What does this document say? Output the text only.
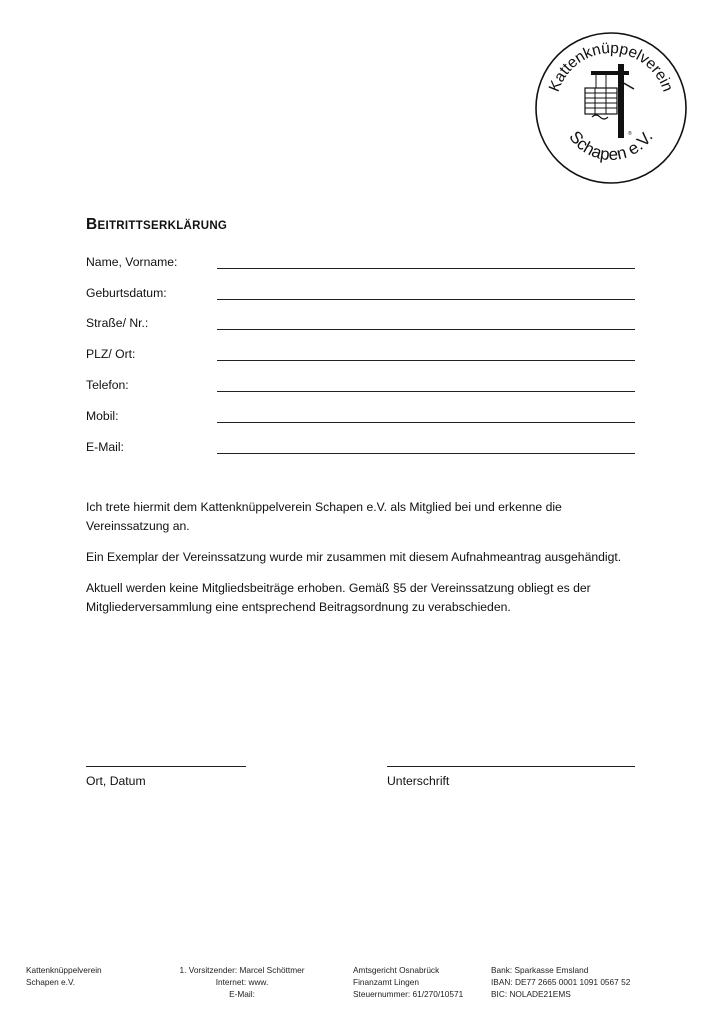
Kattenknüppelverein
Schapen e.V.
®
BEITRITTSERKLÄRUNG
Name, Vorname:
Geburtsdatum:
Straße/ Nr.:
PLZ/ Ort:
Telefon:
Mobil:
E-Mail:

Ich trete hiermit dem Kattenknüppelverein Schapen e.V. als Mitglied bei und erkenne die Vereinssatzung an.

Ein Exemplar der Vereinssatzung wurde mir zusammen mit diesem Aufnahmeantrag ausgehändigt.

Aktuell werden keine Mitgliedsbeiträge erhoben. Gemäß §5 der Vereinssatzung obliegt es der Mitgliederversammlung eine entsprechend Beitragsordnung zu verabschieden.

Ort, Datum	Unterschrift
Kattenknüppelverein
Schapen e.V.
1. Vorsitzender: Marcel Schöttmer
Internet: www.
E-Mail:
Amtsgericht Osnabrück
Finanzamt Lingen
Steuernummer: 61/270/10571
Bank: Sparkasse Emsland
IBAN: DE77 2665 0001 1091 0567 52
BIC: NOLADE21EMS
